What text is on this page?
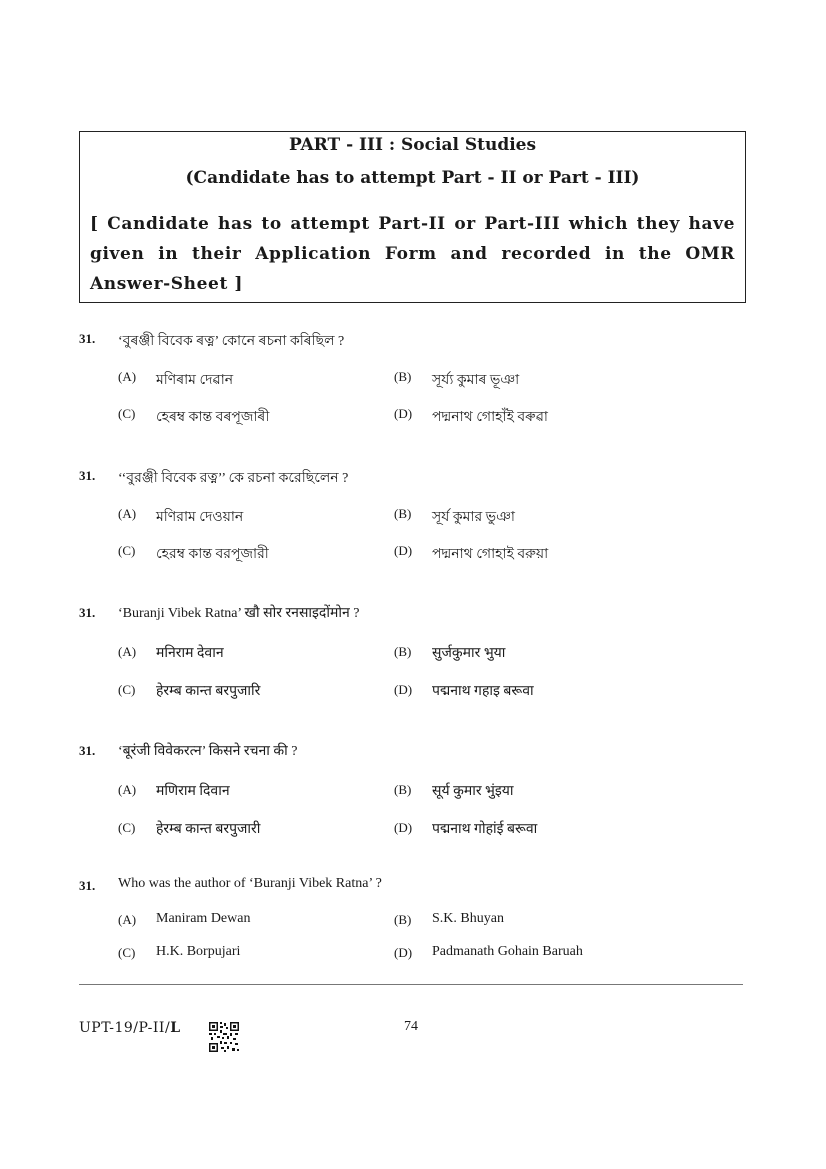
PART - III : Social Studies
(Candidate has to attempt Part - II or Part - III)
[ Candidate has to attempt Part-II or Part-III which they have given in their Application Form and recorded in the OMR Answer-Sheet ]
31. ‘বুৰঞ্জী বিবেক ৰত্ন’ কোনে ৰচনা কৰিছিল ?
(A) মণিৰাম দেৱান	(B) সূৰ্য্য কুমাৰ ভূঞা
(C) হেৰম্ব কান্ত বৰপূজাৰী	(D) পদ্মনাথ গোহাঁই বৰুৱা
31. ‘‘বুরঞ্জী বিবেক রত্ন’’ কে রচনা করেছিলেন ?
(A) মণিরাম দেওয়ান	(B) সূর্য কুমার ভুঞা
(C) হেরম্ব কান্ত বরপূজারী	(D) পদ্মনাথ গোহাই বরুয়া
31. ‘Buranji Vibek Ratna’ खौ सोर रनसाइदोंमोन ?
(A) मनिराम देवान	(B) सुर्जकुमार भुया
(C) हेरम्ब कान्त बरपुजारि	(D) पद्मनाथ गहाइ बरूवा
31. ‘बूरंजी विवेकरत्न’ किसने रचना की ?
(A) मणिराम दिवान	(B) सूर्य कुमार भुंइया
(C) हेरम्ब कान्त बरपुजारी	(D) पद्मनाथ गोहांई बरूवा
31. Who was the author of ‘Buranji Vibek Ratna’ ?
(A) Maniram Dewan	(B) S.K. Bhuyan
(C) H.K. Borpujari	(D) Padmanath Gohain Baruah
UPT-19/P-II/L	74
